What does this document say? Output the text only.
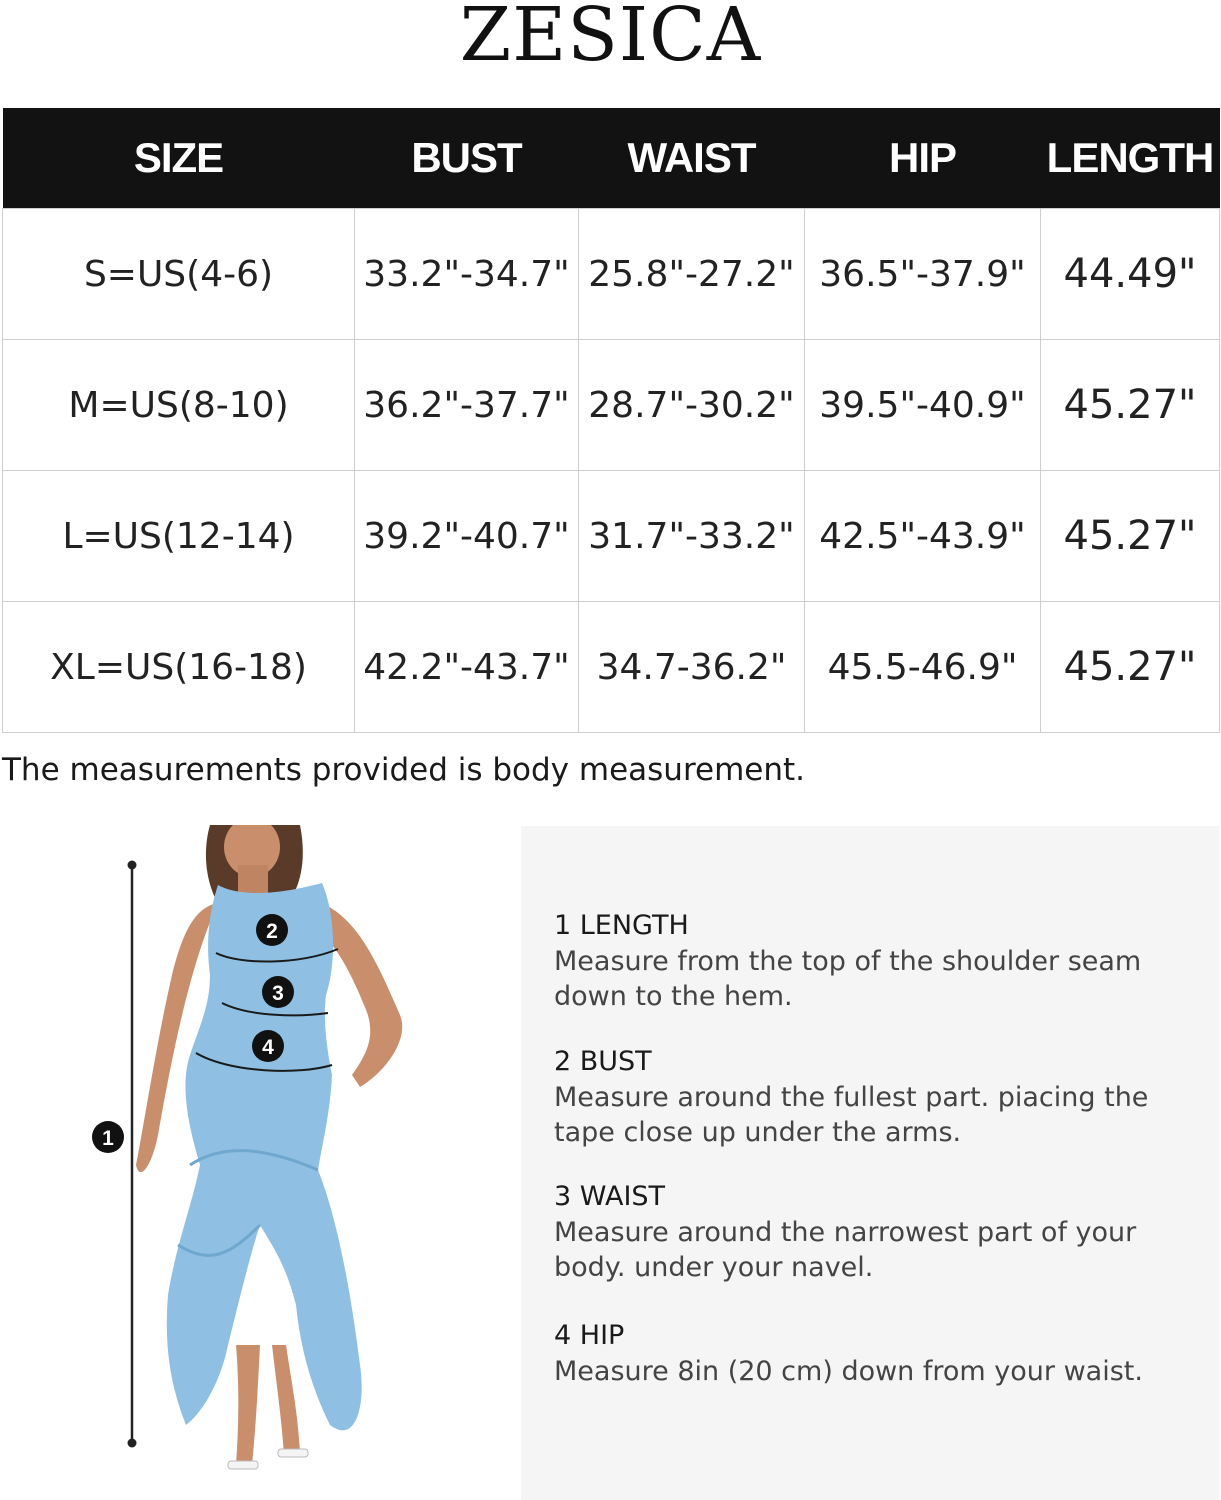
ZESICA
SIZE	BUST	WAIST	HIP	LENGTH
S=US(4-6)	33.2"-34.7"	25.8"-27.2"	36.5"-37.9"	44.49"
M=US(8-10)	36.2"-37.7"	28.7"-30.2"	39.5"-40.9"	45.27"
L=US(12-14)	39.2"-40.7"	31.7"-33.2"	42.5"-43.9"	45.27"
XL=US(16-18)	42.2"-43.7"	34.7-36.2"	45.5-46.9"	45.27"
The measurements provided is body measurement.
1
2
3
4
1 LENGTH
Measure from the top of the shoulder seam down to the hem.
2 BUST
Measure around the fullest part. piacing the tape close up under the arms.
3 WAIST
Measure around the narrowest part of your body. under your navel.
4 HIP
Measure 8in (20 cm) down from your waist.
